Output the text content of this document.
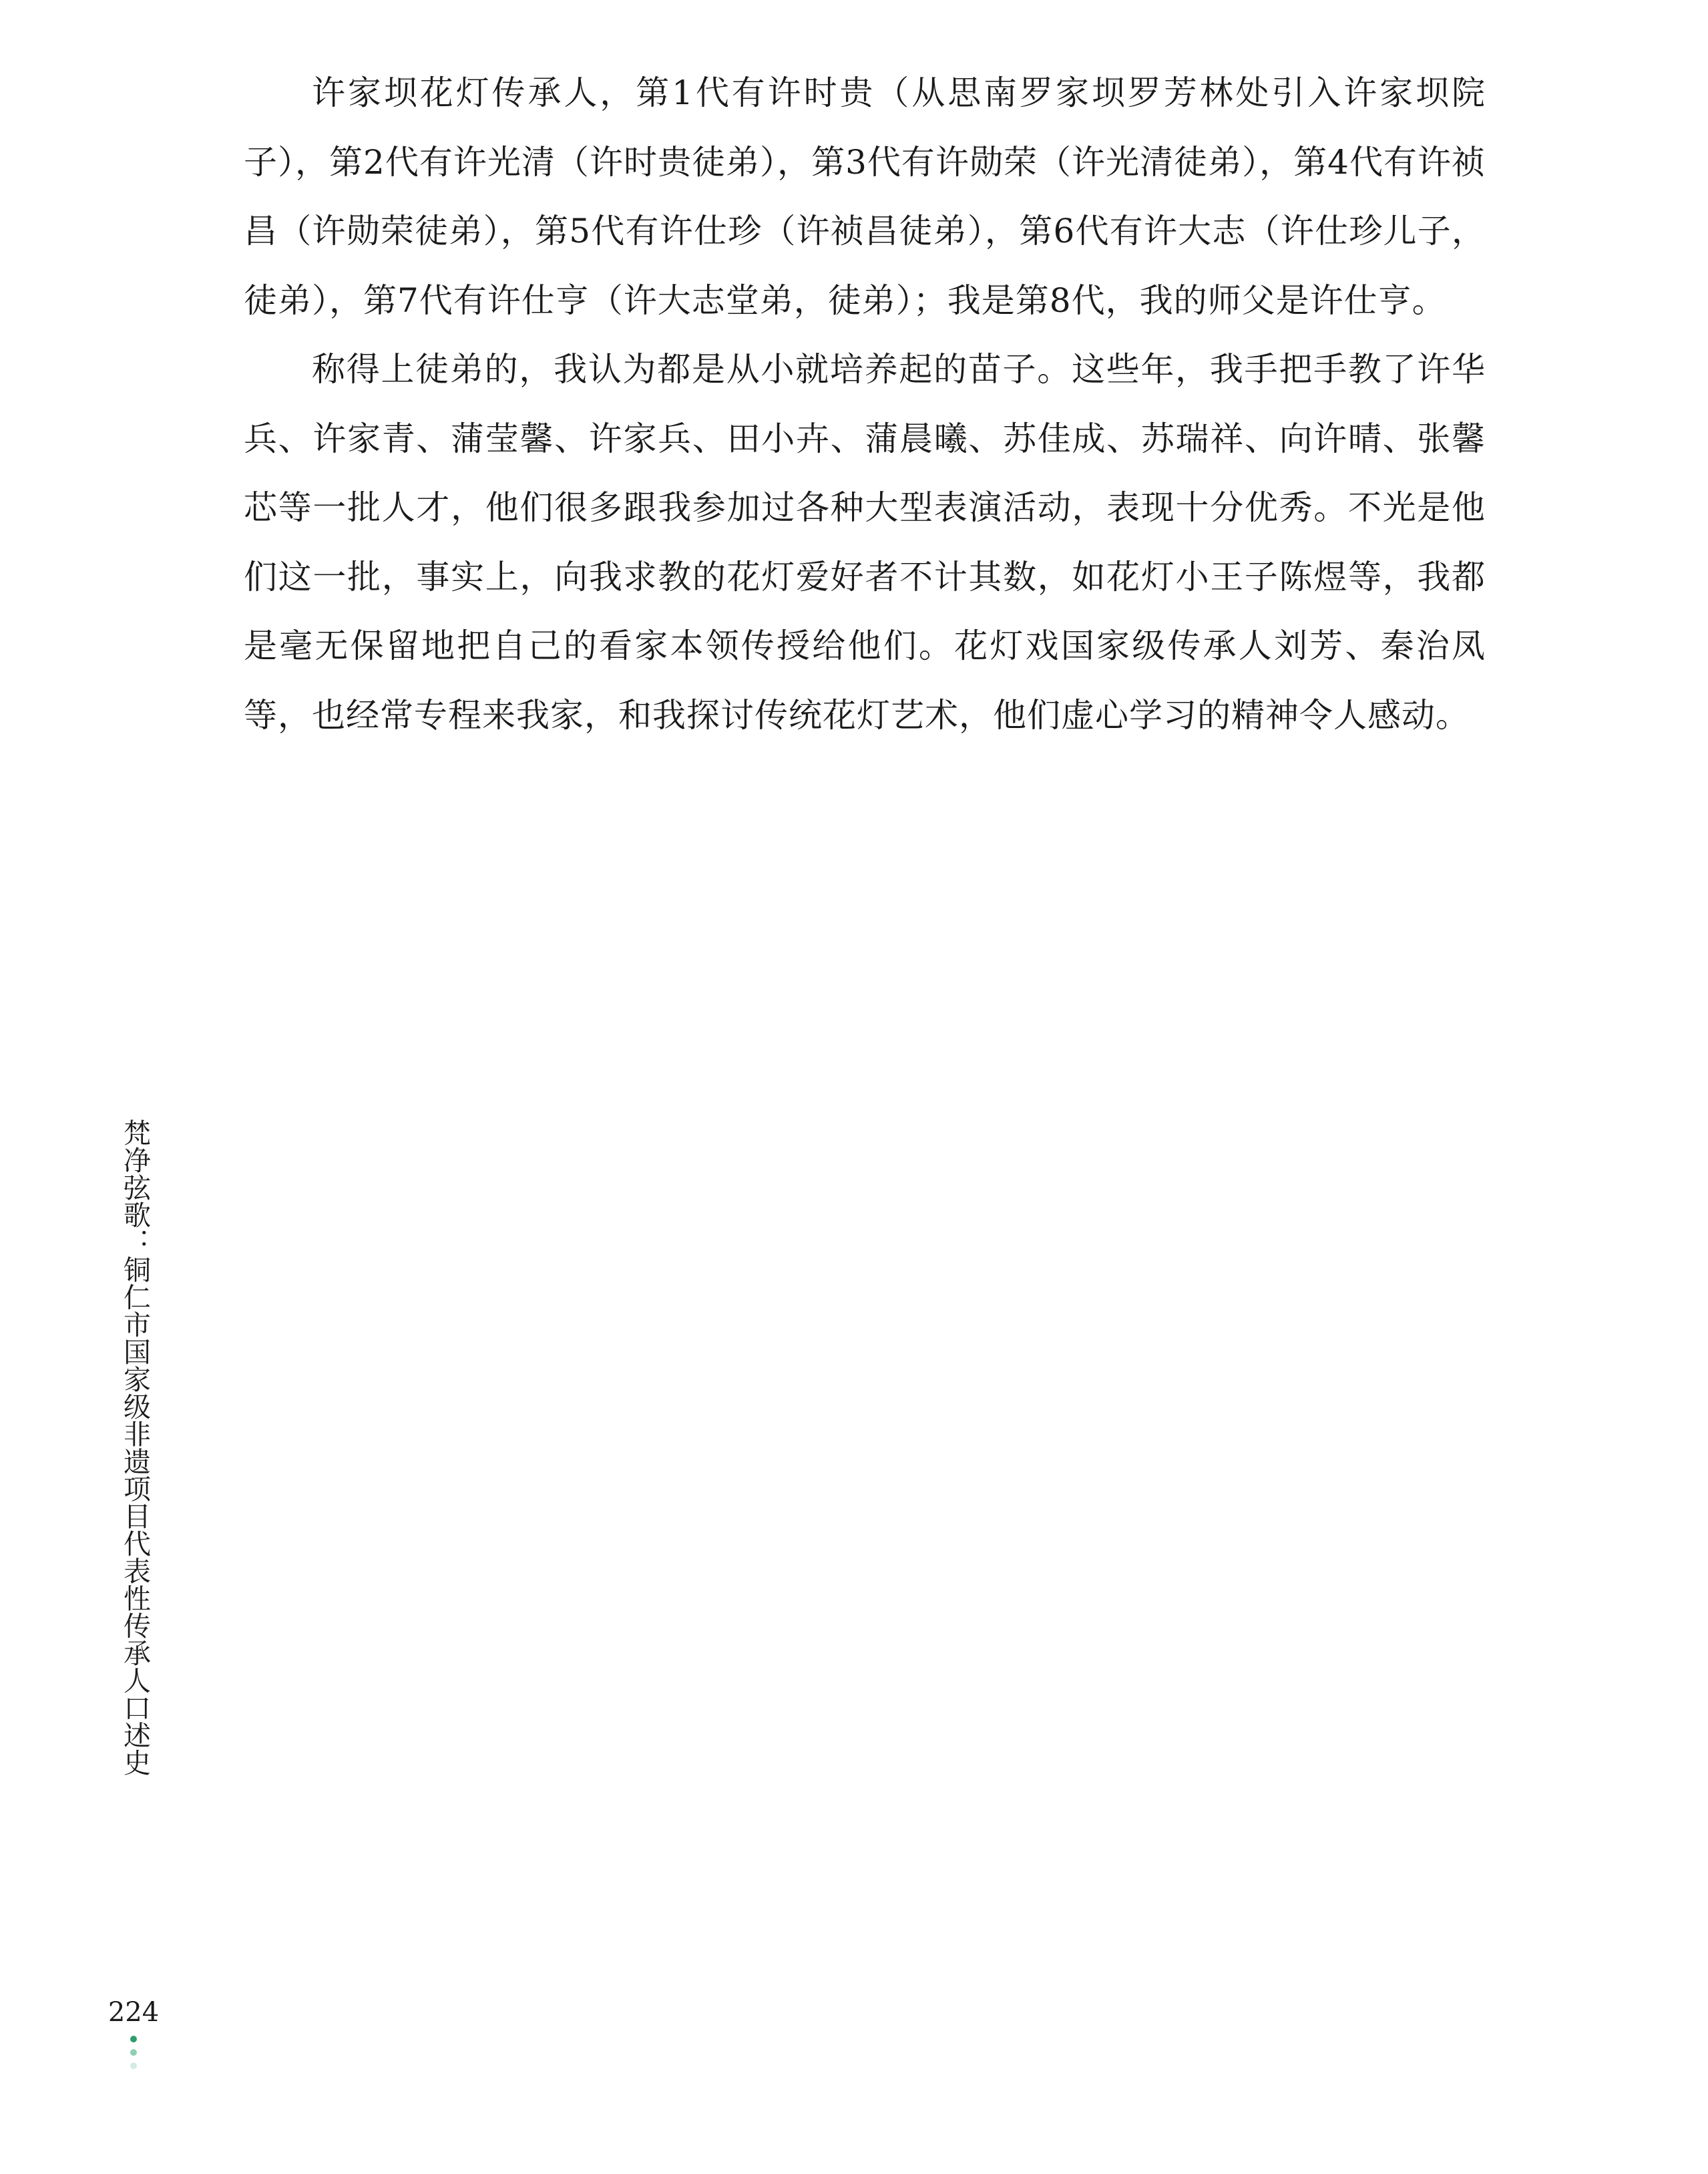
许家坝花灯传承人，第1代有许时贵（从思南罗家坝罗芳林处引入许家坝院子），第2代有许光清（许时贵徒弟），第3代有许勋荣（许光清徒弟），第4代有许祯昌（许勋荣徒弟），第5代有许仕珍（许祯昌徒弟），第6代有许大志（许仕珍儿子，徒弟），第7代有许仕亨（许大志堂弟，徒弟）；我是第8代，我的师父是许仕亨。

称得上徒弟的，我认为都是从小就培养起的苗子。这些年，我手把手教了许华兵、许家青、蒲莹馨、许家兵、田小卉、蒲晨曦、苏佳成、苏瑞祥、向许晴、张馨芯等一批人才，他们很多跟我参加过各种大型表演活动，表现十分优秀。不光是他们这一批，事实上，向我求教的花灯爱好者不计其数，如花灯小王子陈煜等，我都是毫无保留地把自己的看家本领传授给他们。花灯戏国家级传承人刘芳、秦治凤等，也经常专程来我家，和我探讨传统花灯艺术，他们虚心学习的精神令人感动。

梵净弦歌：铜仁市国家级非遗项目代表性传承人口述史
224
